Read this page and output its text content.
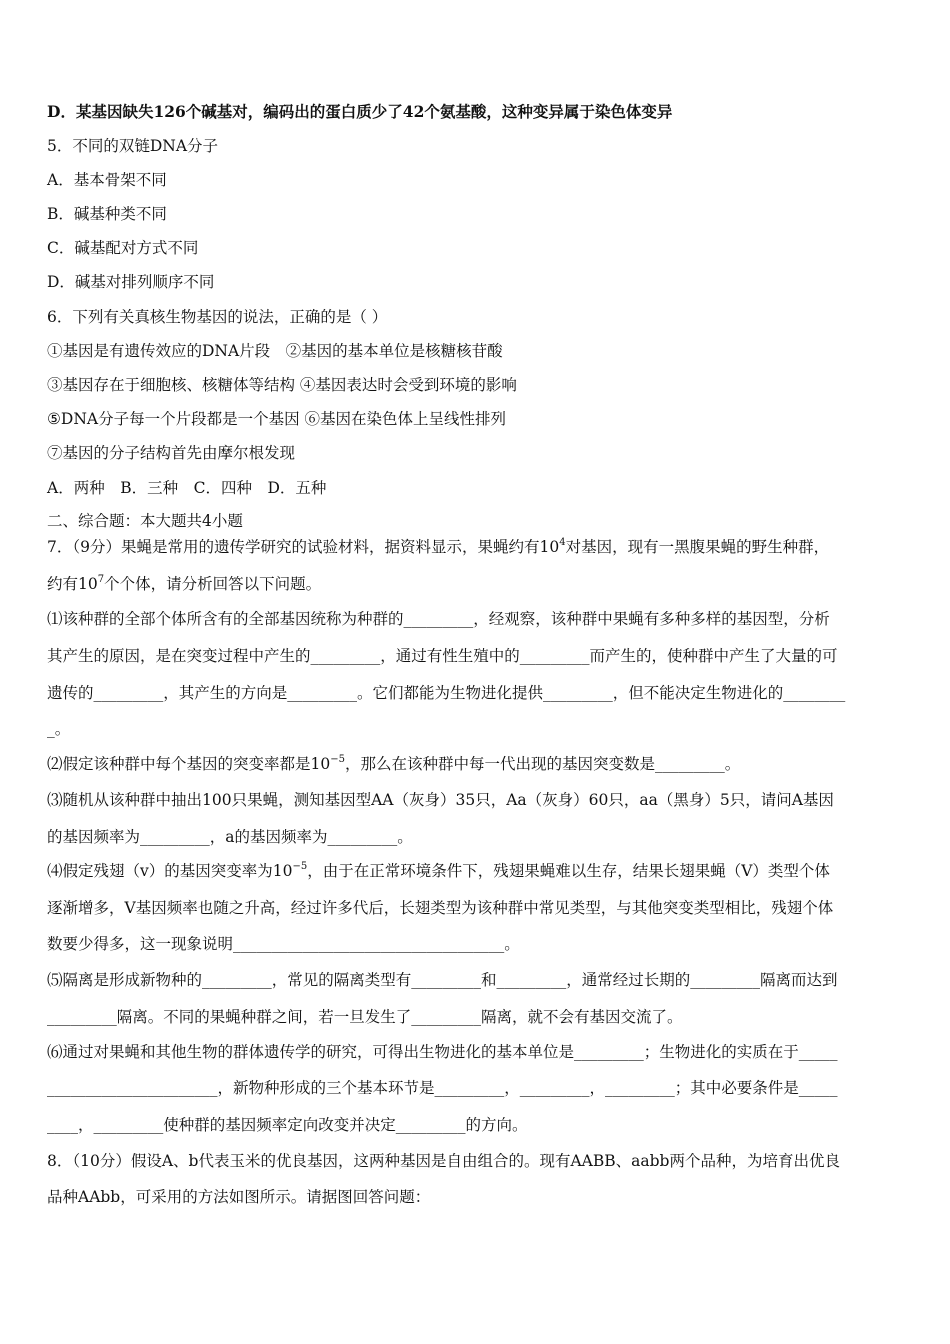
D．某基因缺失126个碱基对，编码出的蛋白质少了42个氨基酸，这种变异属于染色体变异
5．不同的双链DNA分子
A．基本骨架不同
B．碱基种类不同
C．碱基配对方式不同
D．碱基对排列顺序不同
6．下列有关真核生物基因的说法，正确的是（ ）
①基因是有遗传效应的DNA片段　②基因的基本单位是核糖核苷酸
③基因存在于细胞核、核糖体等结构 ④基因表达时会受到环境的影响
⑤DNA分子每一个片段都是一个基因 ⑥基因在染色体上呈线性排列
⑦基因的分子结构首先由摩尔根发现
A．两种　B．三种　C．四种　D．五种
二、综合题：本大题共4小题
7．（9分）果蝇是常用的遗传学研究的试验材料，据资料显示，果蝇约有$10^4$对基因，现有一黑腹果蝇的野生种群，
约有$10^7$个个体，请分析回答以下问题。
⑴该种群的全部个体所含有的全部基因统称为种群的_________，经观察，该种群中果蝇有多种多样的基因型，分析
其产生的原因，是在突变过程中产生的_________，通过有性生殖中的_________而产生的，使种群中产生了大量的可
遗传的_________，其产生的方向是_________。它们都能为生物进化提供_________，但不能决定生物进化的________
_。
⑵假定该种群中每个基因的突变率都是$10^{-5}$，那么在该种群中每一代出现的基因突变数是_________。
⑶随机从该种群中抽出100只果蝇，测知基因型AA（灰身）35只，Aa（灰身）60只，aa（黑身）5只，请问A基因
的基因频率为_________，a的基因频率为_________。
⑷假定残翅（v）的基因突变率为$10^{-5}$，由于在正常环境条件下，残翅果蝇难以生存，结果长翅果蝇（V）类型个体
逐渐增多，V基因频率也随之升高，经过许多代后，长翅类型为该种群中常见类型，与其他突变类型相比，残翅个体
数要少得多，这一现象说明___________________________________。
⑸隔离是形成新物种的_________，常见的隔离类型有_________和_________，通常经过长期的_________隔离而达到
_________隔离。不同的果蝇种群之间，若一旦发生了_________隔离，就不会有基因交流了。
⑹通过对果蝇和其他生物的群体遗传学的研究，可得出生物进化的基本单位是_________；生物进化的实质在于_____
______________________，新物种形成的三个基本环节是_________，_________，_________；其中必要条件是_____
____，_________使种群的基因频率定向改变并决定_________的方向。
8．（10分）假设A、b代表玉米的优良基因，这两种基因是自由组合的。现有AABB、aabb两个品种，为培育出优良
品种AAbb，可采用的方法如图所示。请据图回答问题：
